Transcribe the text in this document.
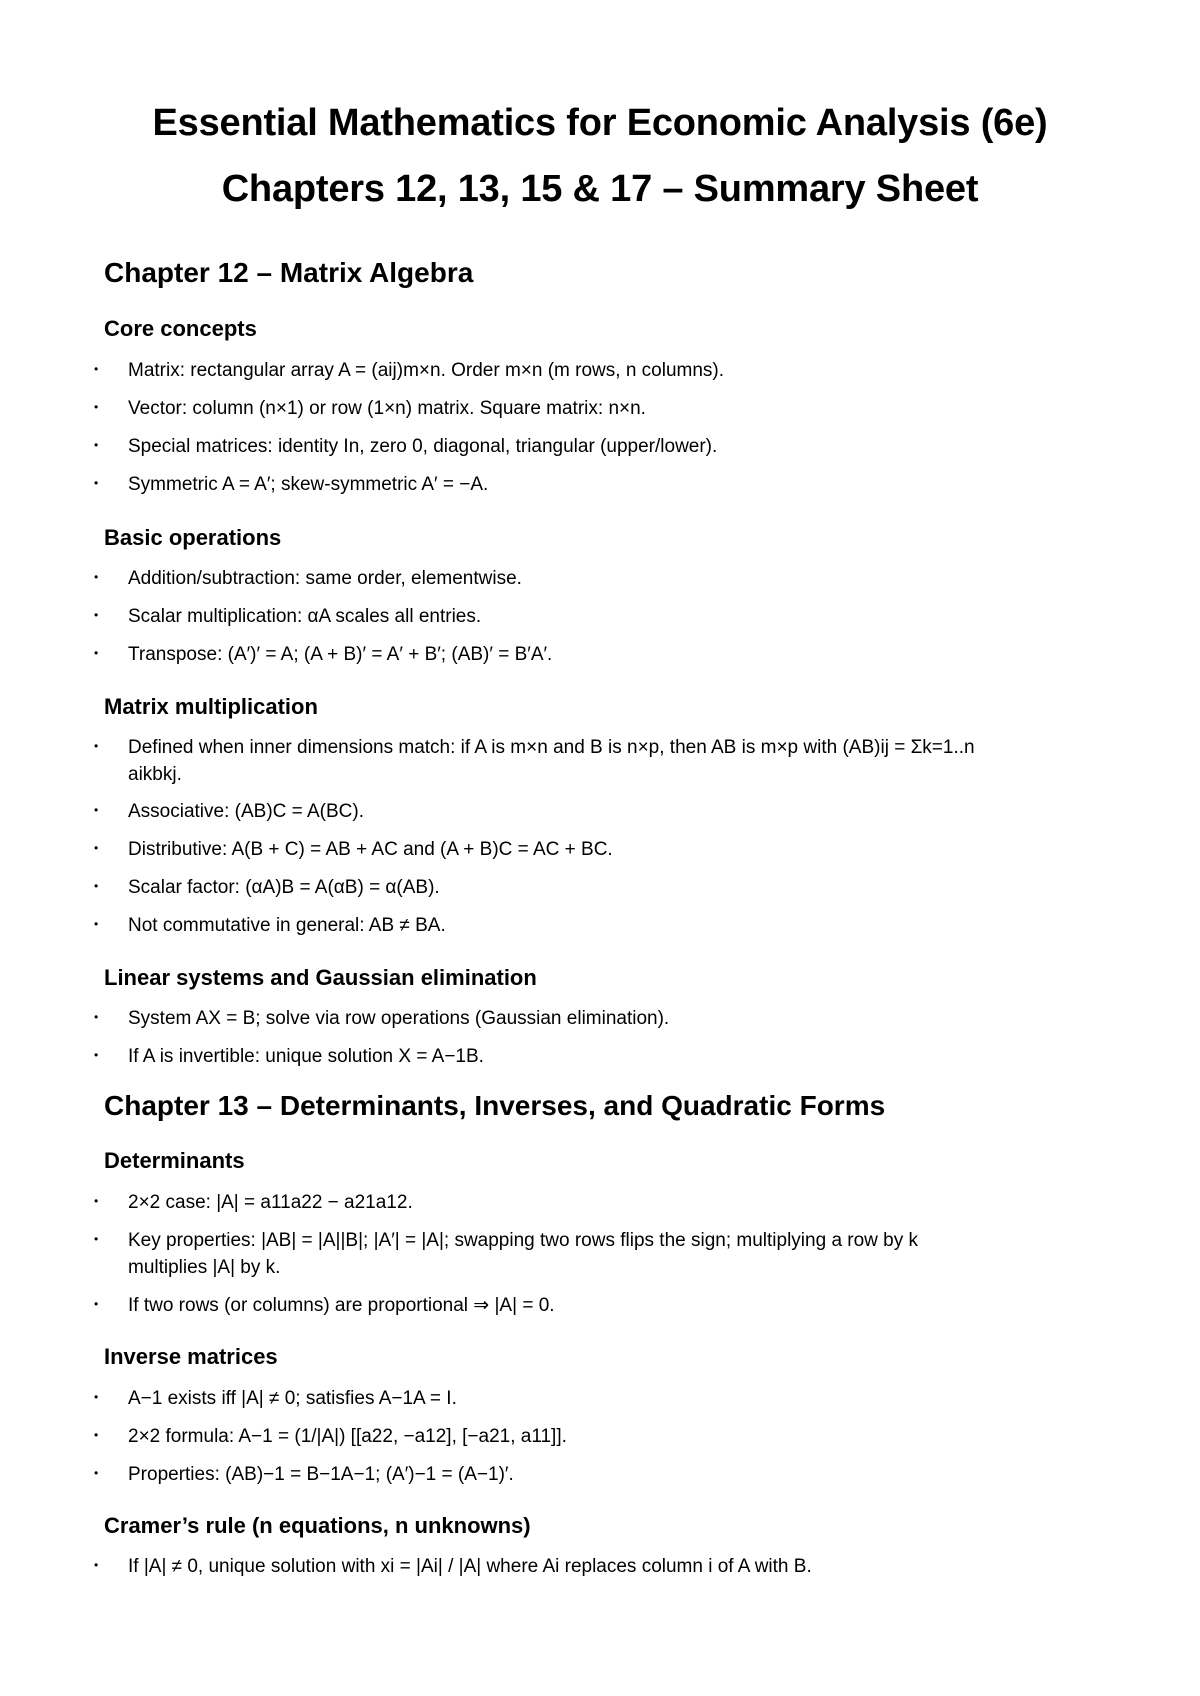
Essential Mathematics for Economic Analysis (6e)
Chapters 12, 13, 15 & 17 – Summary Sheet
Chapter 12 – Matrix Algebra
Core concepts
• Matrix: rectangular array A = (aij)m×n. Order m×n (m rows, n columns).

• Vector: column (n×1) or row (1×n) matrix. Square matrix: n×n.

• Special matrices: identity In, zero 0, diagonal, triangular (upper/lower).

• Symmetric A = A′; skew-symmetric A′ = −A.

Basic operations
• Addition/subtraction: same order, elementwise.

• Scalar multiplication: αA scales all entries.

• Transpose: (A′)′ = A; (A + B)′ = A′ + B′; (AB)′ = B′A′.

Matrix multiplication
• Defined when inner dimensions match: if A is m×n and B is n×p, then AB is m×p with (AB)ij = Σk=1..n
aikbkj.

• Associative: (AB)C = A(BC).

• Distributive: A(B + C) = AB + AC and (A + B)C = AC + BC.

• Scalar factor: (αA)B = A(αB) = α(AB).

• Not commutative in general: AB ≠ BA.

Linear systems and Gaussian elimination
• System AX = B; solve via row operations (Gaussian elimination).

• If A is invertible: unique solution X = A−1B.

Chapter 13 – Determinants, Inverses, and Quadratic Forms
Determinants
• 2×2 case: |A| = a11a22 − a21a12.

• Key properties: |AB| = |A||B|; |A′| = |A|; swapping two rows flips the sign; multiplying a row by k
multiplies |A| by k.

• If two rows (or columns) are proportional ⇒ |A| = 0.

Inverse matrices
• A−1 exists iff |A| ≠ 0; satisfies A−1A = I.

• 2×2 formula: A−1 = (1/|A|) [[a22, −a12], [−a21, a11]].

• Properties: (AB)−1 = B−1A−1; (A′)−1 = (A−1)′.

Cramer’s rule (n equations, n unknowns)
• If |A| ≠ 0, unique solution with xi = |Ai| / |A| where Ai replaces column i of A with B.
